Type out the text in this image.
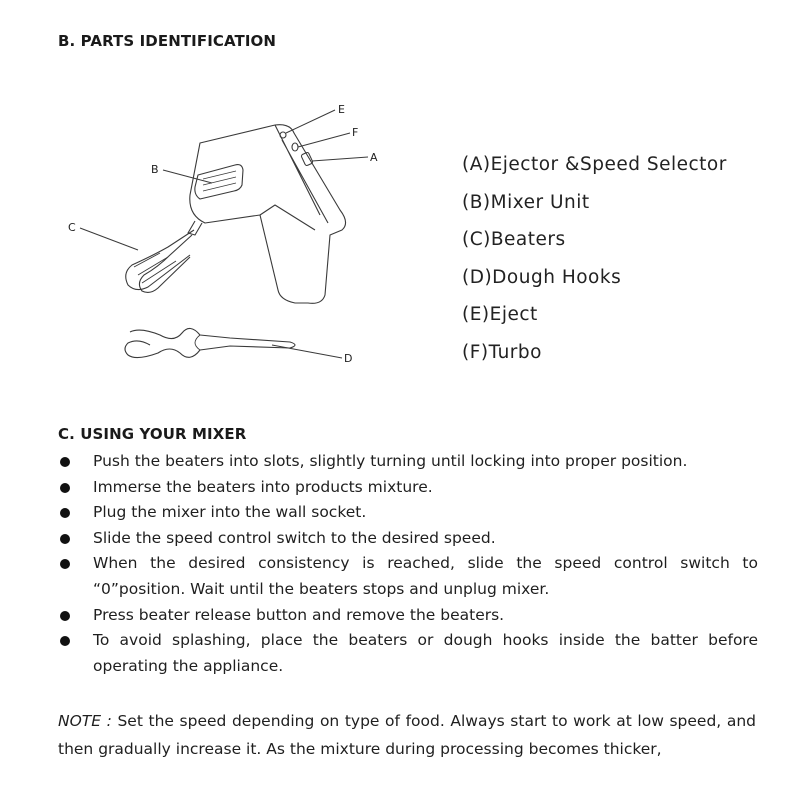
B. PARTS IDENTIFICATION
E
F
A
B
C
D
(A)Ejector &Speed Selector
(B)Mixer Unit
(C)Beaters
(D)Dough Hooks
(E)Eject
(F)Turbo
C. USING YOUR MIXER
Push the beaters into slots, slightly turning until locking into proper position.
Immerse the beaters into products mixture.
Plug the mixer into the wall socket.
Slide the speed control switch to the desired speed.
When the desired consistency is reached, slide the speed control switch to “0”position. Wait until the beaters stops and unplug mixer.
Press beater release button and remove the beaters.
To avoid splashing, place the beaters or dough hooks inside the batter before operating the appliance.

NOTE : Set the speed depending on type of food. Always start to work at low speed, and then gradually increase it. As the mixture during processing becomes thicker,
